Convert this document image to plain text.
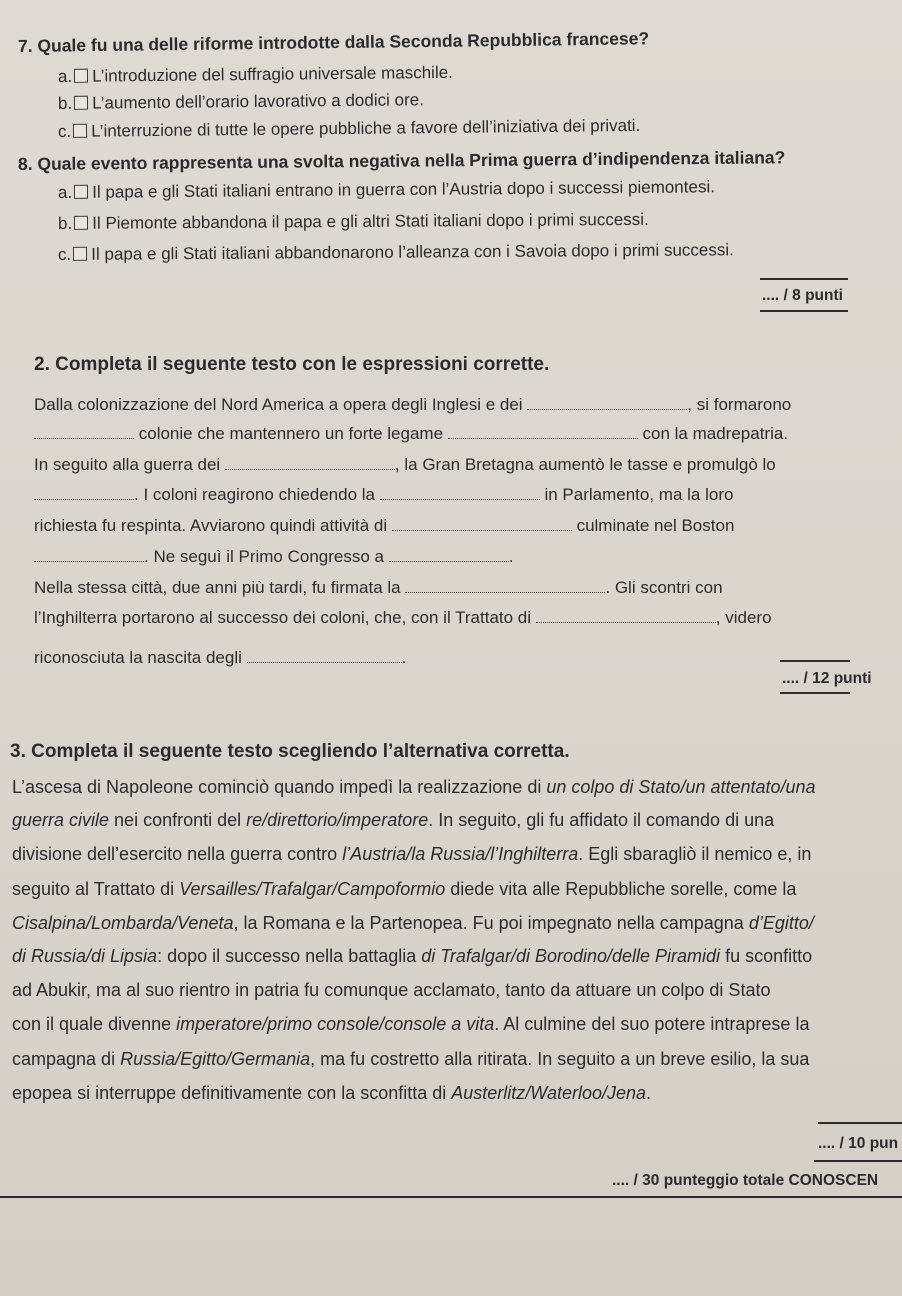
7. Quale fu una delle riforme introdotte dalla Seconda Repubblica francese?
a. L’introduzione del suffragio universale maschile.
b. L’aumento dell’orario lavorativo a dodici ore.
c. L’interruzione di tutte le opere pubbliche a favore dell’iniziativa dei privati.
8. Quale evento rappresenta una svolta negativa nella Prima guerra d’indipendenza italiana?
a. Il papa e gli Stati italiani entrano in guerra con l’Austria dopo i successi piemontesi.
b. Il Piemonte abbandona il papa e gli altri Stati italiani dopo i primi successi.
c. Il papa e gli Stati italiani abbandonarono l’alleanza con i Savoia dopo i primi successi.
.... / 8 punti
2. Completa il seguente testo con le espressioni corrette.
Dalla colonizzazione del Nord America a opera degli Inglesi e dei	, si formarono
colonie che mantennero un forte legame	con la madrepatria.
In seguito alla guerra dei	, la Gran Bretagna aumentò le tasse e promulgò lo
. I coloni reagirono chiedendo la	in Parlamento, ma la loro
richiesta fu respinta. Avviarono quindi attività di	culminate nel Boston
. Ne seguì il Primo Congresso a	.
Nella stessa città, due anni più tardi, fu firmata la	. Gli scontri con
l’Inghilterra portarono al successo dei coloni, che, con il Trattato di	, videro
riconosciuta la nascita degli	.
.... / 12 punti
3. Completa il seguente testo scegliendo l’alternativa corretta.
L’ascesa di Napoleone cominciò quando impedì la realizzazione di un colpo di Stato/un attentato/una
guerra civile nei confronti del re/direttorio/imperatore. In seguito, gli fu affidato il comando di una
divisione dell’esercito nella guerra contro l’Austria/la Russia/l’Inghilterra. Egli sbaragliò il nemico e, in
seguito al Trattato di Versailles/Trafalgar/Campoformio diede vita alle Repubbliche sorelle, come la
Cisalpina/Lombarda/Veneta, la Romana e la Partenopea. Fu poi impegnato nella campagna d’Egitto/
di Russia/di Lipsia: dopo il successo nella battaglia di Trafalgar/di Borodino/delle Piramidi fu sconfitto
ad Abukir, ma al suo rientro in patria fu comunque acclamato, tanto da attuare un colpo di Stato
con il quale divenne imperatore/primo console/console a vita. Al culmine del suo potere intraprese la
campagna di Russia/Egitto/Germania, ma fu costretto alla ritirata. In seguito a un breve esilio, la sua
epopea si interruppe definitivamente con la sconfitta di Austerlitz/Waterloo/Jena.
.... / 10 pun
.... / 30 punteggio totale CONOSCEN
